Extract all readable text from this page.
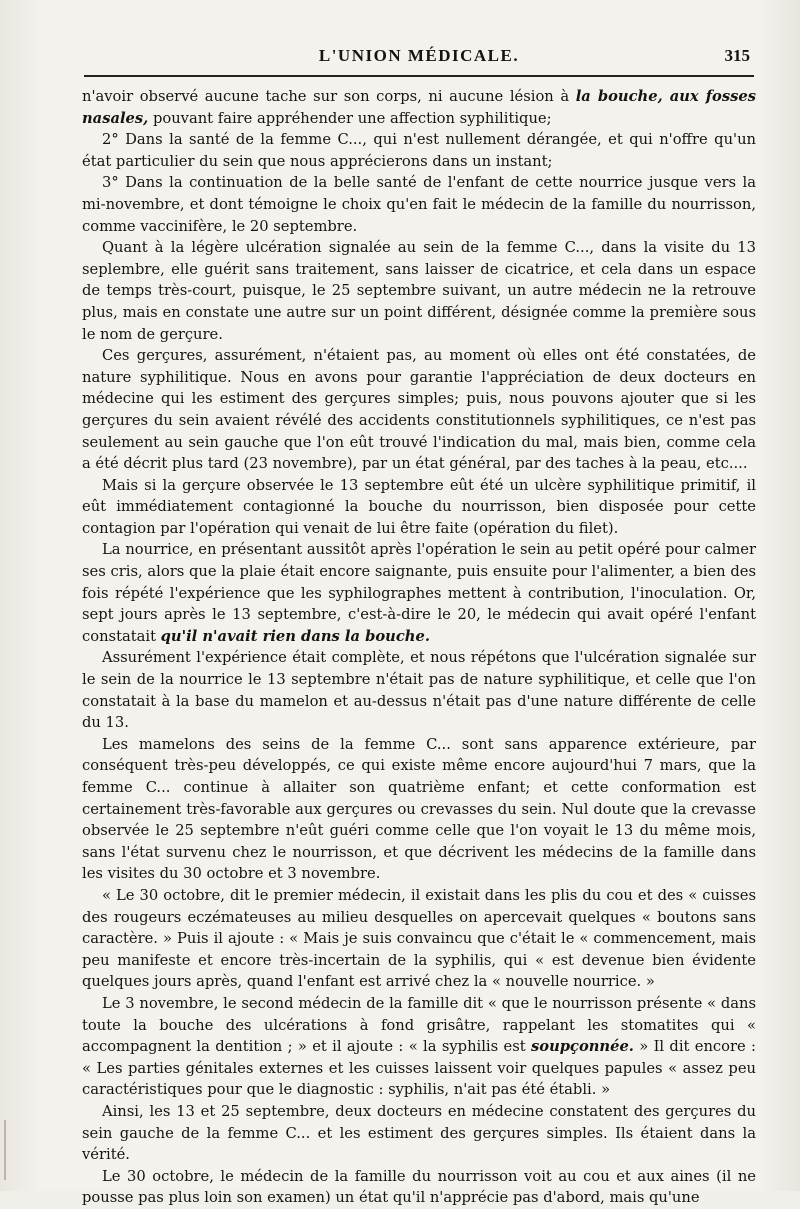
L'UNION MÉDICALE.	315

n'avoir observé aucune tache sur son corps, ni aucune lésion à la bouche, aux fosses nasales, pouvant faire appréhender une affection syphilitique;

2° Dans la santé de la femme C..., qui n'est nullement dérangée, et qui n'offre qu'un état particulier du sein que nous apprécierons dans un instant;

3° Dans la continuation de la belle santé de l'enfant de cette nourrice jusque vers la mi-novembre, et dont témoigne le choix qu'en fait le médecin de la famille du nourrisson, comme vaccinifère, le 20 septembre.

Quant à la légère ulcération signalée au sein de la femme C..., dans la visite du 13 seplembre, elle guérit sans traitement, sans laisser de cicatrice, et cela dans un espace de temps très-court, puisque, le 25 septembre suivant, un autre médecin ne la retrouve plus, mais en constate une autre sur un point différent, désignée comme la première sous le nom de gerçure.

Ces gerçures, assurément, n'étaient pas, au moment où elles ont été constatées, de nature syphilitique. Nous en avons pour garantie l'appréciation de deux docteurs en médecine qui les estiment des gerçures simples; puis, nous pouvons ajouter que si les gerçures du sein avaient révélé des accidents constitutionnels syphilitiques, ce n'est pas seulement au sein gauche que l'on eût trouvé l'indication du mal, mais bien, comme cela a été décrit plus tard (23 novembre), par un état général, par des taches à la peau, etc....

Mais si la gerçure observée le 13 septembre eût été un ulcère syphilitique primitif, il eût immédiatement contagionné la bouche du nourrisson, bien disposée pour cette contagion par l'opération qui venait de lui être faite (opération du filet).

La nourrice, en présentant aussitôt après l'opération le sein au petit opéré pour calmer ses cris, alors que la plaie était encore saignante, puis ensuite pour l'alimenter, a bien des fois répété l'expérience que les syphilographes mettent à contribution, l'inoculation. Or, sept jours après le 13 septembre, c'est-à-dire le 20, le médecin qui avait opéré l'enfant constatait qu'il n'avait rien dans la bouche.

Assurément l'expérience était complète, et nous répétons que l'ulcération signalée sur le sein de la nourrice le 13 septembre n'était pas de nature syphilitique, et celle que l'on constatait à la base du mamelon et au-dessus n'était pas d'une nature différente de celle du 13.

Les mamelons des seins de la femme C... sont sans apparence extérieure, par conséquent très-peu développés, ce qui existe même encore aujourd'hui 7 mars, que la femme C... continue à allaiter son quatrième enfant; et cette conformation est certainement très-favorable aux gerçures ou crevasses du sein. Nul doute que la crevasse observée le 25 septembre n'eût guéri comme celle que l'on voyait le 13 du même mois, sans l'état survenu chez le nourrisson, et que décrivent les médecins de la famille dans les visites du 30 octobre et 3 novembre.

« Le 30 octobre, dit le premier médecin, il existait dans les plis du cou et des « cuisses des rougeurs eczémateuses au milieu desquelles on apercevait quelques « boutons sans caractère. » Puis il ajoute : « Mais je suis convaincu que c'était le « commencement, mais peu manifeste et encore très-incertain de la syphilis, qui « est devenue bien évidente quelques jours après, quand l'enfant est arrivé chez la « nouvelle nourrice. »

Le 3 novembre, le second médecin de la famille dit « que le nourrisson présente « dans toute la bouche des ulcérations à fond grisâtre, rappelant les stomatites qui « accompagnent la dentition ; » et il ajoute : « la syphilis est soupçonnée. » Il dit encore : « Les parties génitales externes et les cuisses laissent voir quelques papules « assez peu caractéristiques pour que le diagnostic : syphilis, n'ait pas été établi. »

Ainsi, les 13 et 25 septembre, deux docteurs en médecine constatent des gerçures du sein gauche de la femme C... et les estiment des gerçures simples. Ils étaient dans la vérité.

Le 30 octobre, le médecin de la famille du nourrisson voit au cou et aux aines (il ne pousse pas plus loin son examen) un état qu'il n'apprécie pas d'abord, mais qu'une
